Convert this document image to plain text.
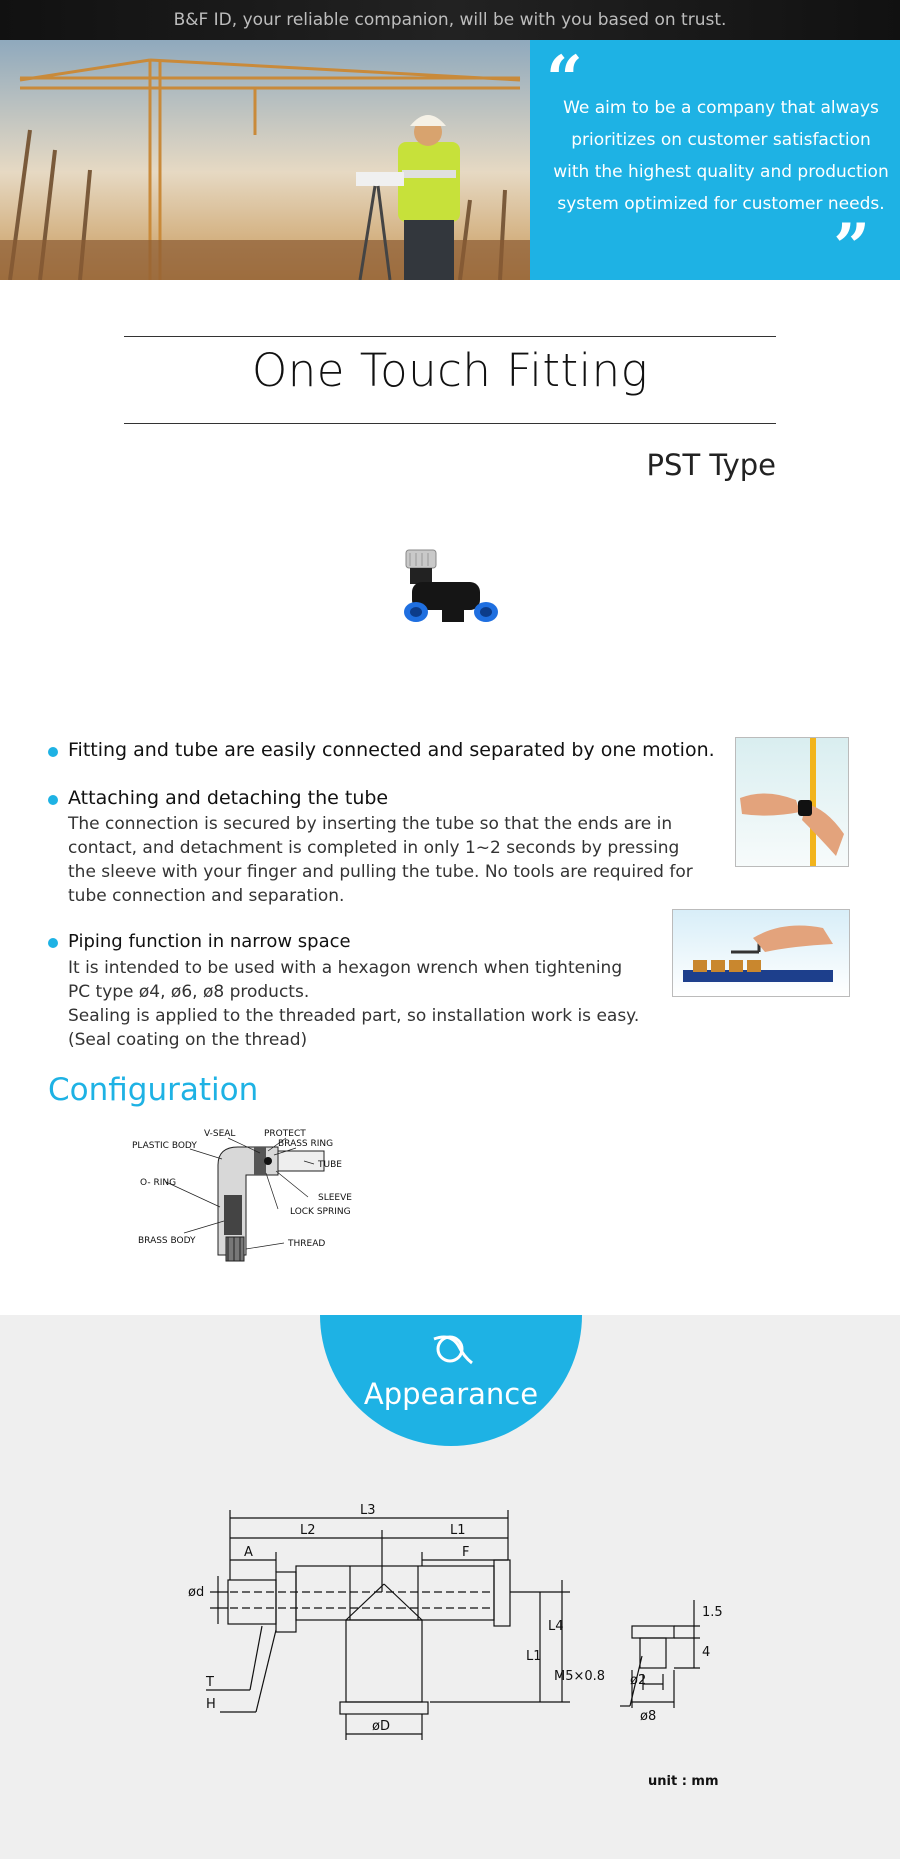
B&F ID, your reliable companion, will be with you based on trust.
“
We aim to be a company that always
prioritizes on customer satisfaction
with the highest quality and production
system optimized for customer needs.
”
One Touch Fitting
PST Type
Fitting and tube are easily connected and separated by one motion.
Attaching and detaching the tube
The connection is secured by inserting the tube so that the ends are in
contact, and detachment is completed in only 1~2 seconds by pressing
the sleeve with your finger and pulling the tube. No tools are required for
tube connection and separation.
Piping function in narrow space
It is intended to be used with a hexagon wrench when tightening
PC type ø4, ø6, ø8 products.
Sealing is applied to the threaded part, so installation work is easy.
(Seal coating on the thread)
Configuration
V-SEAL	PROTECT
BRASS RING
PLASTIC BODY
TUBE
O- RING
SLEEVE
LOCK SPRING
BRASS BODY	THREAD
Appearance
L3
L2	L1
A	F
ød
T
H
øD
L1
L4
M5×0.8 ø2
ø8
1.5
4
unit : mm
